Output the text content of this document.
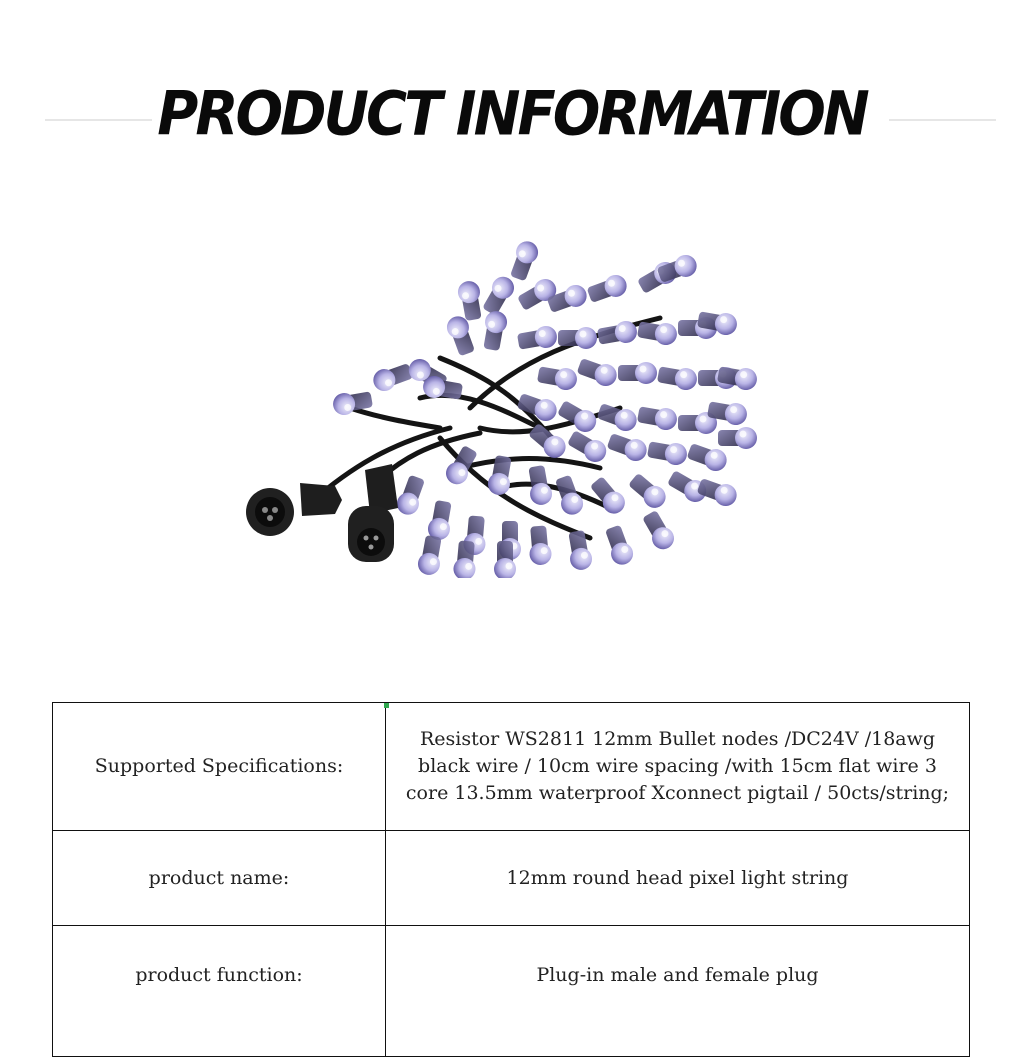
PRODUCT INFORMATION
Supported Specifications:	Resistor WS2811 12mm Bullet nodes /DC24V /18awg black wire / 10cm wire spacing /with 15cm flat wire 3 core 13.5mm waterproof Xconnect pigtail / 50cts/string;
product name:	12mm round head pixel light string
product function:	Plug-in male and female plug
